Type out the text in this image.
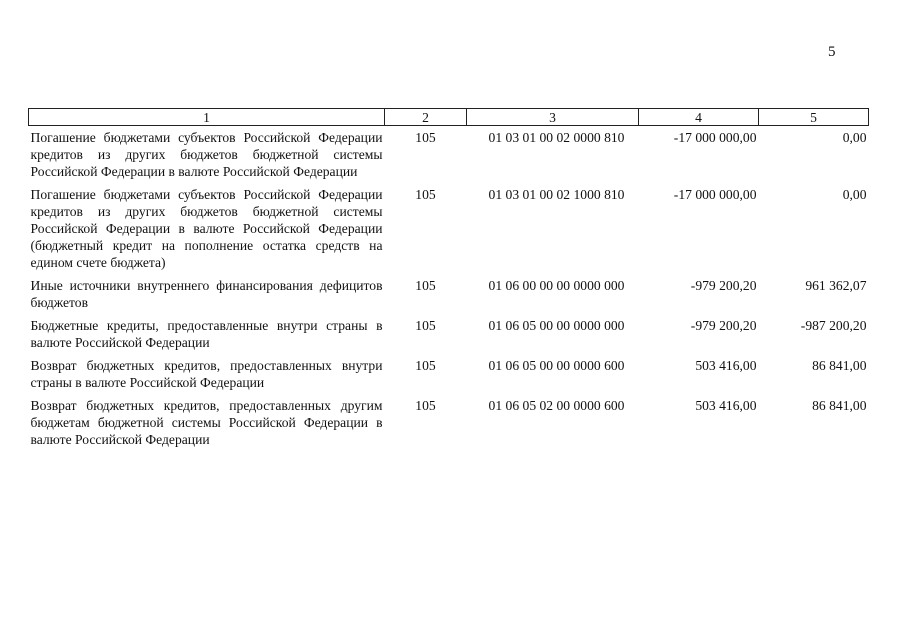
5
1	2	3	4	5
Погашение бюджетами субъектов Российской Федерации кредитов из других бюджетов бюджетной системы Российской Федерации в валюте Российской Федерации	105	01 03 01 00 02 0000 810	-17 000 000,00	0,00
Погашение бюджетами субъектов Российской Федерации кредитов из других бюджетов бюджетной системы Российской Федерации в валюте Российской Федерации (бюджетный кредит на пополнение остатка средств на едином счете бюджета)	105	01 03 01 00 02 1000 810	-17 000 000,00	0,00
Иные источники внутреннего финансирования дефицитов бюджетов	105	01 06 00 00 00 0000 000	-979 200,20	961 362,07
Бюджетные кредиты, предоставленные внутри страны в валюте Российской Федерации	105	01 06 05 00 00 0000 000	-979 200,20	-987 200,20
Возврат бюджетных кредитов, предоставленных внутри страны в валюте Российской Федерации	105	01 06 05 00 00 0000 600	503 416,00	86 841,00
Возврат бюджетных кредитов, предоставленных другим бюджетам бюджетной системы Российской Федерации в валюте Российской Федерации	105	01 06 05 02 00 0000 600	503 416,00	86 841,00
